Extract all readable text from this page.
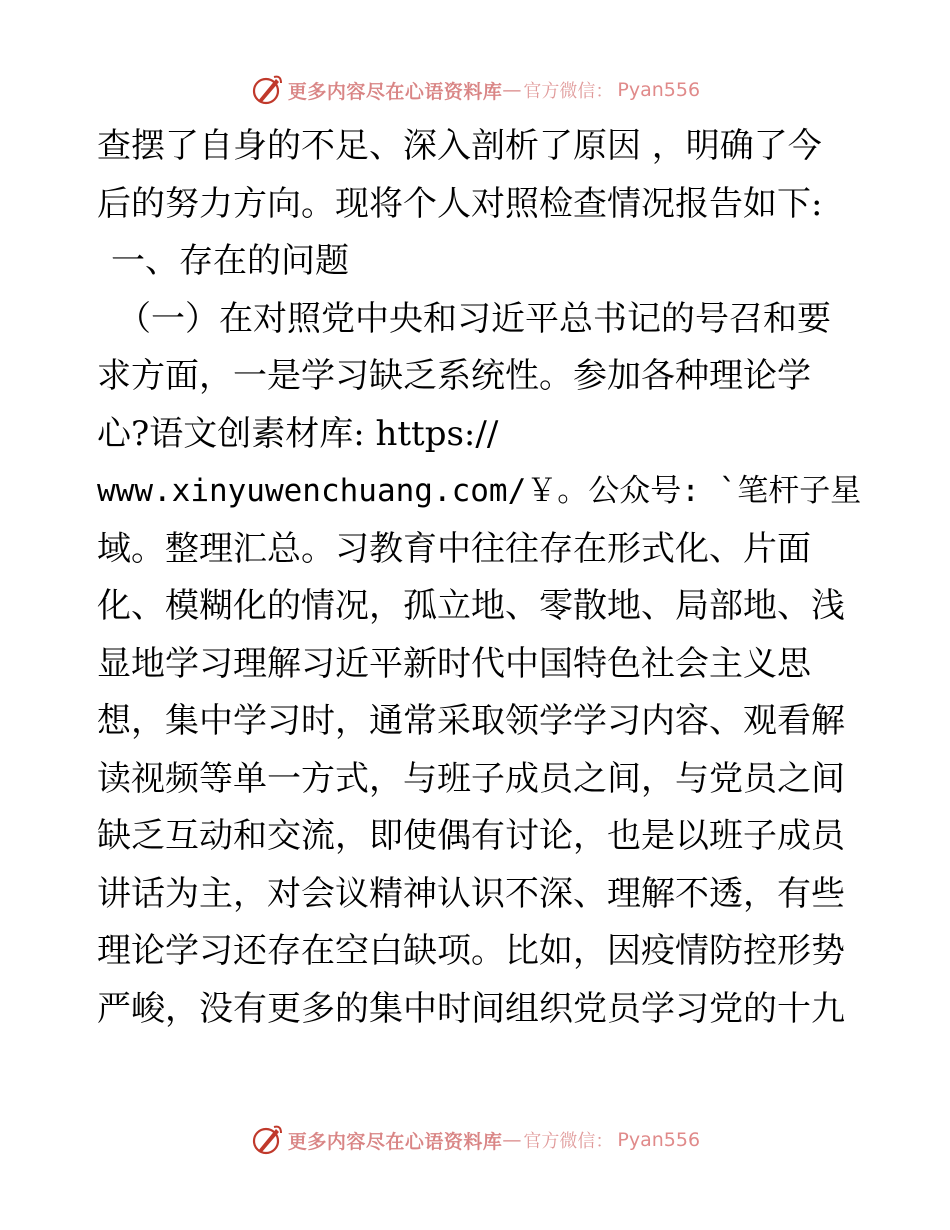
更多内容尽在心语资料库 — 官方微信： Pyan556
查摆了自身的不足、深入剖析了原因 ，明确了今
后的努力方向。现将个人对照检查情况报告如下:
一、存在的问题
（一）在对照党中央和习近平总书记的号召和要
求方面，一是学习缺乏系统性。参加各种理论学
心?语文创素材库: https://
www.xinyuwenchuang.com/￥。公众号: `笔杆子星
域。整理汇总。习教育中往往存在形式化、片面
化、模糊化的情况，孤立地、零散地、局部地、浅
显地学习理解习近平新时代中国特色社会主义思
想，集中学习时，通常采取领学学习内容、观看解
读视频等单一方式，与班子成员之间，与党员之间
缺乏互动和交流，即使偶有讨论，也是以班子成员
讲话为主，对会议精神认识不深、理解不透，有些
理论学习还存在空白缺项。比如，因疫情防控形势
严峻，没有更多的集中时间组织党员学习党的十九
更多内容尽在心语资料库 — 官方微信： Pyan556
